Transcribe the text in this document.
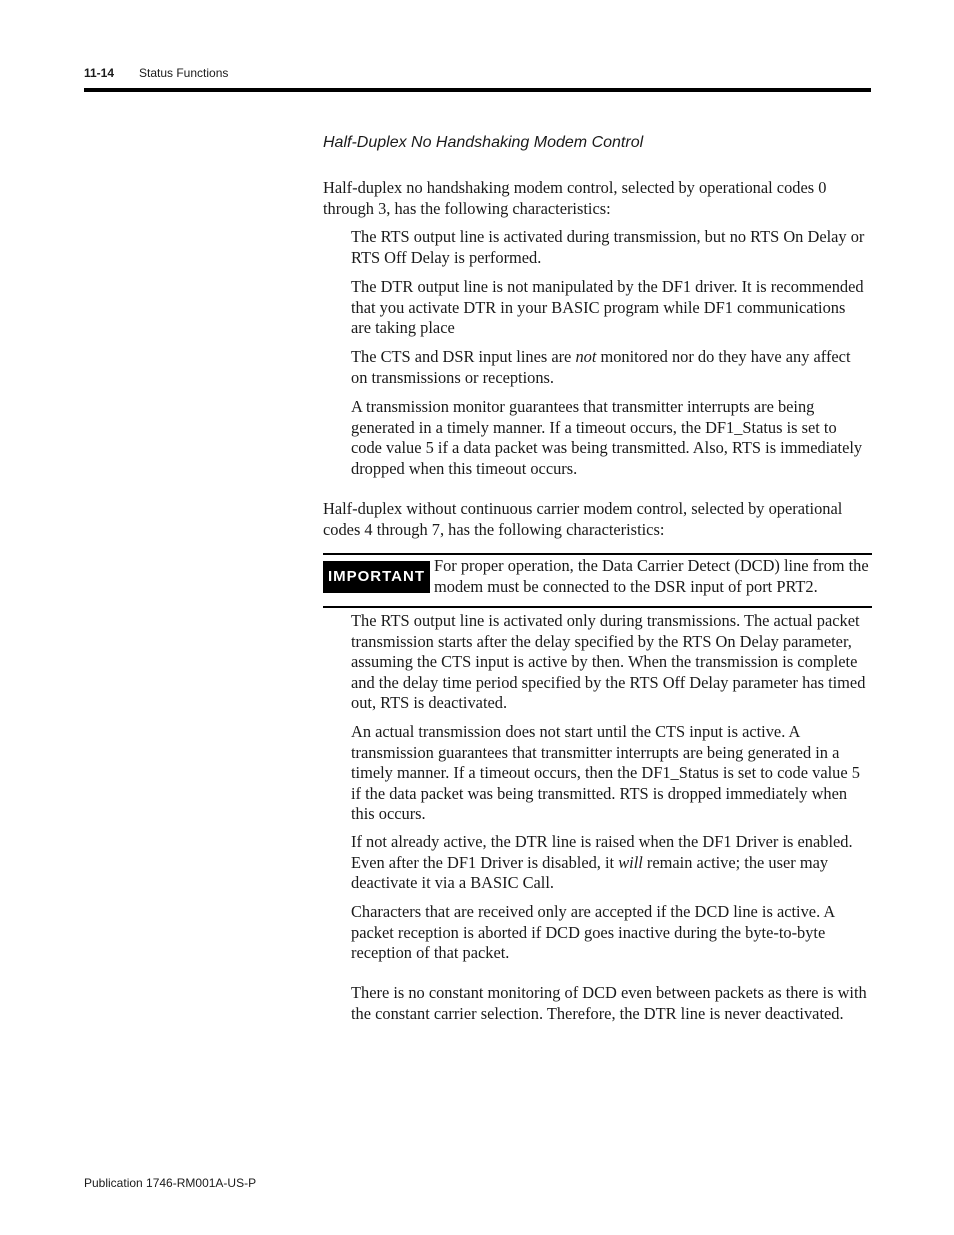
11-14 Status Functions
Half-Duplex No Handshaking Modem Control

Half-duplex no handshaking modem control, selected by operational codes 0 through 3, has the following characteristics:

The RTS output line is activated during transmission, but no RTS On Delay or RTS Off Delay is performed.

The DTR output line is not manipulated by the DF1 driver. It is recommended that you activate DTR in your BASIC program while DF1 communications are taking place

The CTS and DSR input lines are not monitored nor do they have any affect on transmissions or receptions.

A transmission monitor guarantees that transmitter interrupts are being generated in a timely manner. If a timeout occurs, the DF1_Status is set to code value 5 if a data packet was being transmitted. Also, RTS is immediately dropped when this timeout occurs.

Half-duplex without continuous carrier modem control, selected by operational codes 4 through 7, has the following characteristics:

IMPORTANT

For proper operation, the Data Carrier Detect (DCD) line from the modem must be connected to the DSR input of port PRT2.

The RTS output line is activated only during transmissions. The actual packet transmission starts after the delay specified by the RTS On Delay parameter, assuming the CTS input is active by then. When the transmission is complete and the delay time period specified by the RTS Off Delay parameter has timed out, RTS is deactivated.

An actual transmission does not start until the CTS input is active. A transmission guarantees that transmitter interrupts are being generated in a timely manner. If a timeout occurs, then the DF1_Status is set to code value 5 if the data packet was being transmitted. RTS is dropped immediately when this occurs.

If not already active, the DTR line is raised when the DF1 Driver is enabled. Even after the DF1 Driver is disabled, it will remain active; the user may deactivate it via a BASIC Call.

Characters that are received only are accepted if the DCD line is active. A packet reception is aborted if DCD goes inactive during the byte-to-byte reception of that packet.

There is no constant monitoring of DCD even between packets as there is with the constant carrier selection. Therefore, the DTR line is never deactivated.

Publication 1746-RM001A-US-P
